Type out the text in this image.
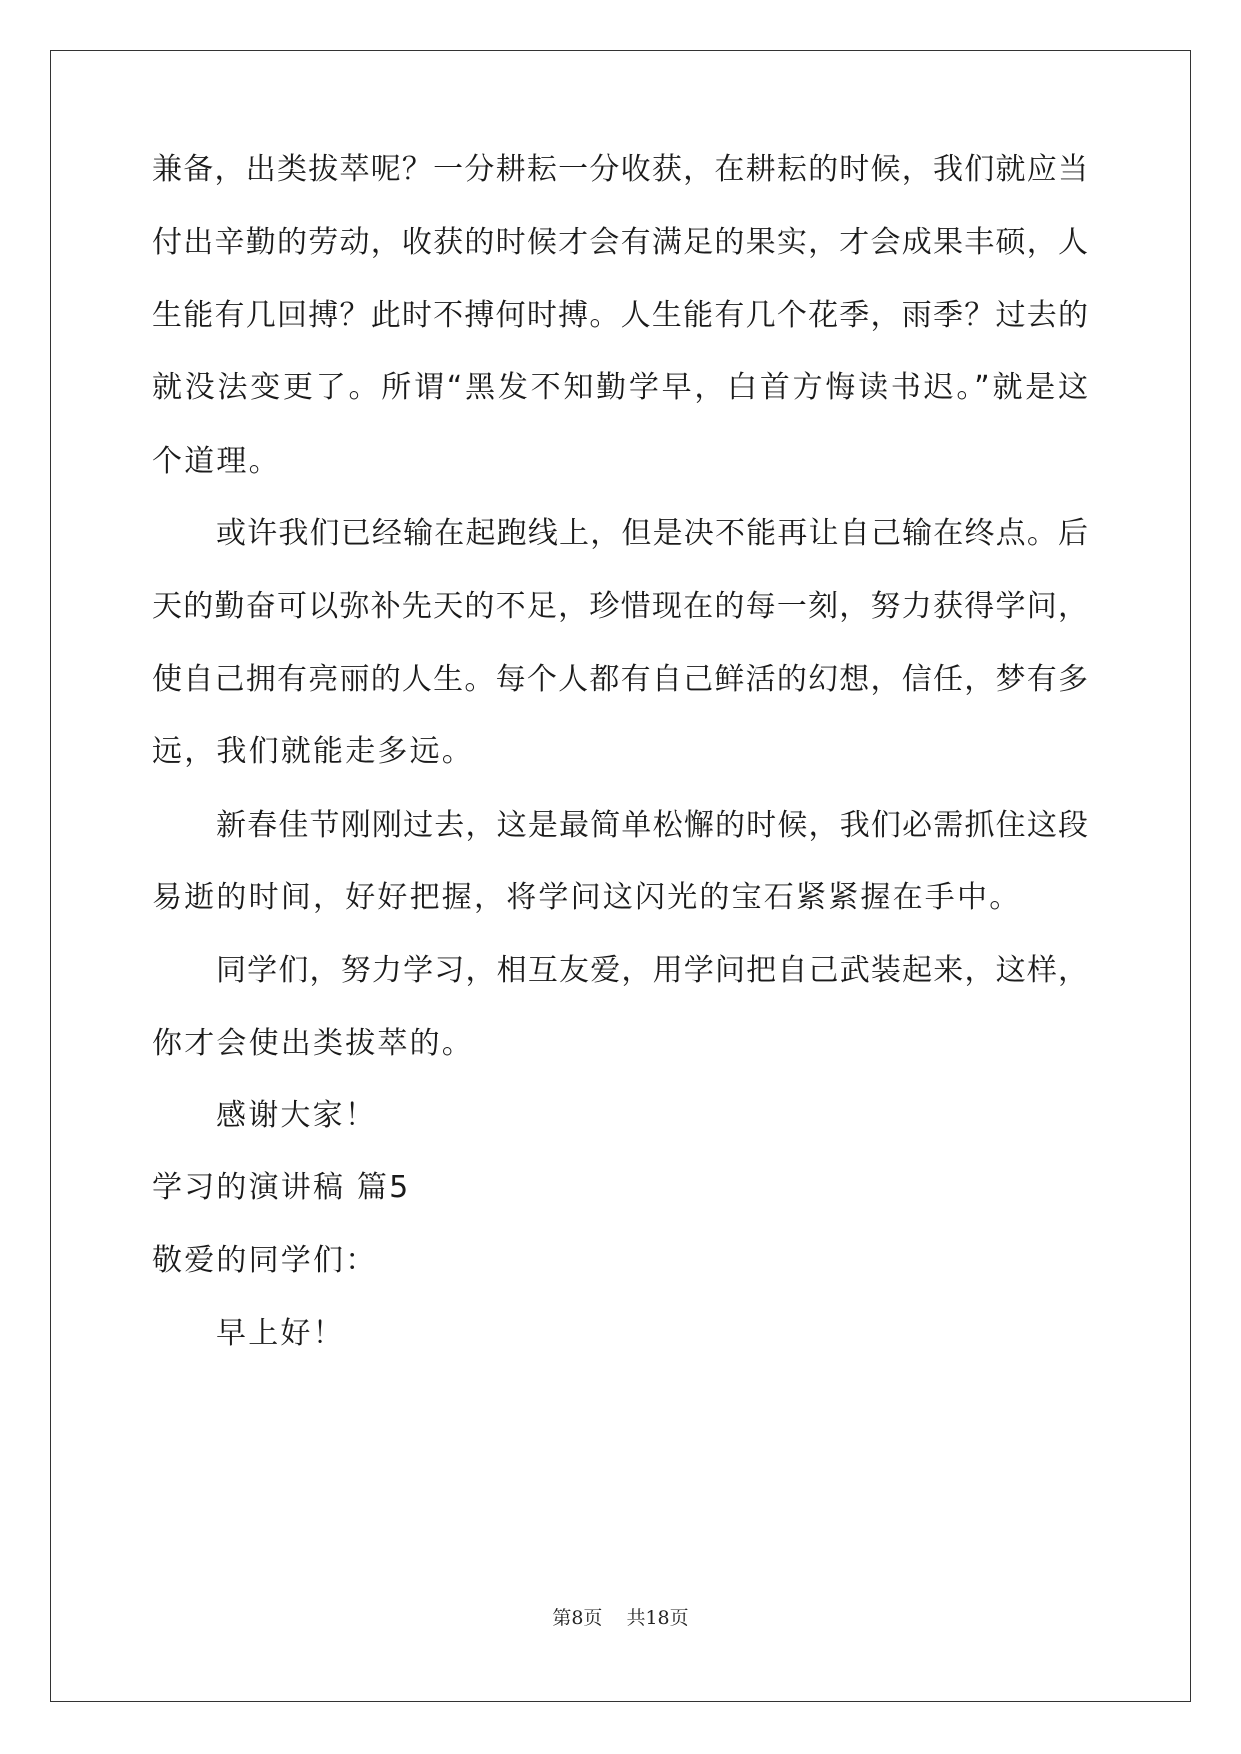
兼备，出类拔萃呢？一分耕耘一分收获，在耕耘的时候，我们就应当
付出辛勤的劳动，收获的时候才会有满足的果实，才会成果丰硕，人
生能有几回搏？此时不搏何时搏。人生能有几个花季，雨季？过去的
就没法变更了。所谓“黑发不知勤学早，白首方悔读书迟。”就是这
个道理。
或许我们已经输在起跑线上，但是决不能再让自己输在终点。后
天的勤奋可以弥补先天的不足，珍惜现在的每一刻，努力获得学问，
使自己拥有亮丽的人生。每个人都有自己鲜活的幻想，信任，梦有多
远，我们就能走多远。
新春佳节刚刚过去，这是最简单松懈的时候，我们必需抓住这段
易逝的时间，好好把握，将学问这闪光的宝石紧紧握在手中。
同学们，努力学习，相互友爱，用学问把自己武装起来，这样，
你才会使出类拔萃的。
感谢大家！
学习的演讲稿 篇5
敬爱的同学们：
早上好！
第8页 共18页
